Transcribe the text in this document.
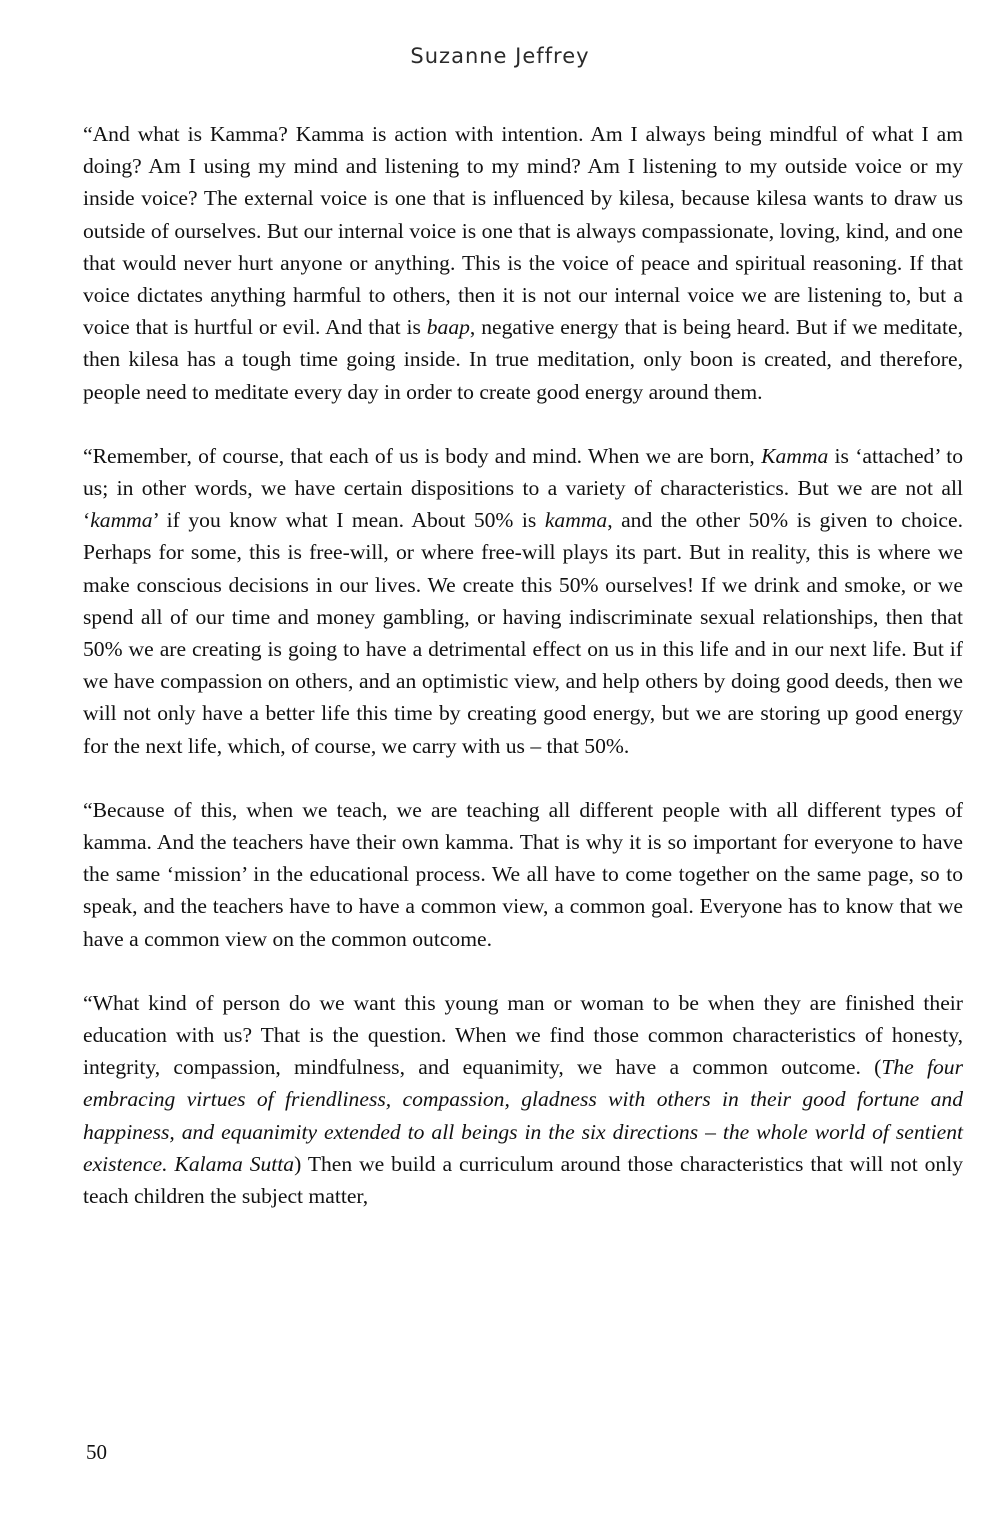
Suzanne Jeffrey

“And what is Kamma? Kamma is action with intention. Am I always being mindful of what I am doing? Am I using my mind and listening to my mind? Am I listening to my outside voice or my inside voice? The external voice is one that is influenced by kilesa, because kilesa wants to draw us outside of ourselves. But our internal voice is one that is always compassionate, loving, kind, and one that would never hurt anyone or anything. This is the voice of peace and spiritual reasoning. If that voice dictates anything harmful to others, then it is not our internal voice we are listening to, but a voice that is hurtful or evil. And that is baap, negative energy that is being heard. But if we meditate, then kilesa has a tough time going inside. In true meditation, only boon is created, and therefore, people need to meditate every day in order to create good energy around them.

“Remember, of course, that each of us is body and mind. When we are born, Kamma is ‘attached’ to us; in other words, we have certain dispositions to a variety of characteristics. But we are not all ‘kamma’ if you know what I mean. About 50% is kamma, and the other 50% is given to choice. Perhaps for some, this is free-will, or where free-will plays its part. But in reality, this is where we make conscious decisions in our lives. We create this 50% ourselves! If we drink and smoke, or we spend all of our time and money gambling, or having indiscriminate sexual relationships, then that 50% we are creating is going to have a detrimental effect on us in this life and in our next life. But if we have compassion on others, and an optimistic view, and help others by doing good deeds, then we will not only have a better life this time by creating good energy, but we are storing up good energy for the next life, which, of course, we carry with us – that 50%.

“Because of this, when we teach, we are teaching all different people with all different types of kamma. And the teachers have their own kamma. That is why it is so important for everyone to have the same ‘mission’ in the educational process. We all have to come together on the same page, so to speak, and the teachers have to have a common view, a common goal. Everyone has to know that we have a common view on the common outcome.

“What kind of person do we want this young man or woman to be when they are finished their education with us? That is the question. When we find those common characteristics of honesty, integrity, compassion, mindfulness, and equanimity, we have a common outcome. (The four embracing virtues of friendliness, compassion, gladness with others in their good fortune and happiness, and equanimity extended to all beings in the six directions – the whole world of sentient existence. Kalama Sutta) Then we build a curriculum around those characteristics that will not only teach children the subject matter,

50
